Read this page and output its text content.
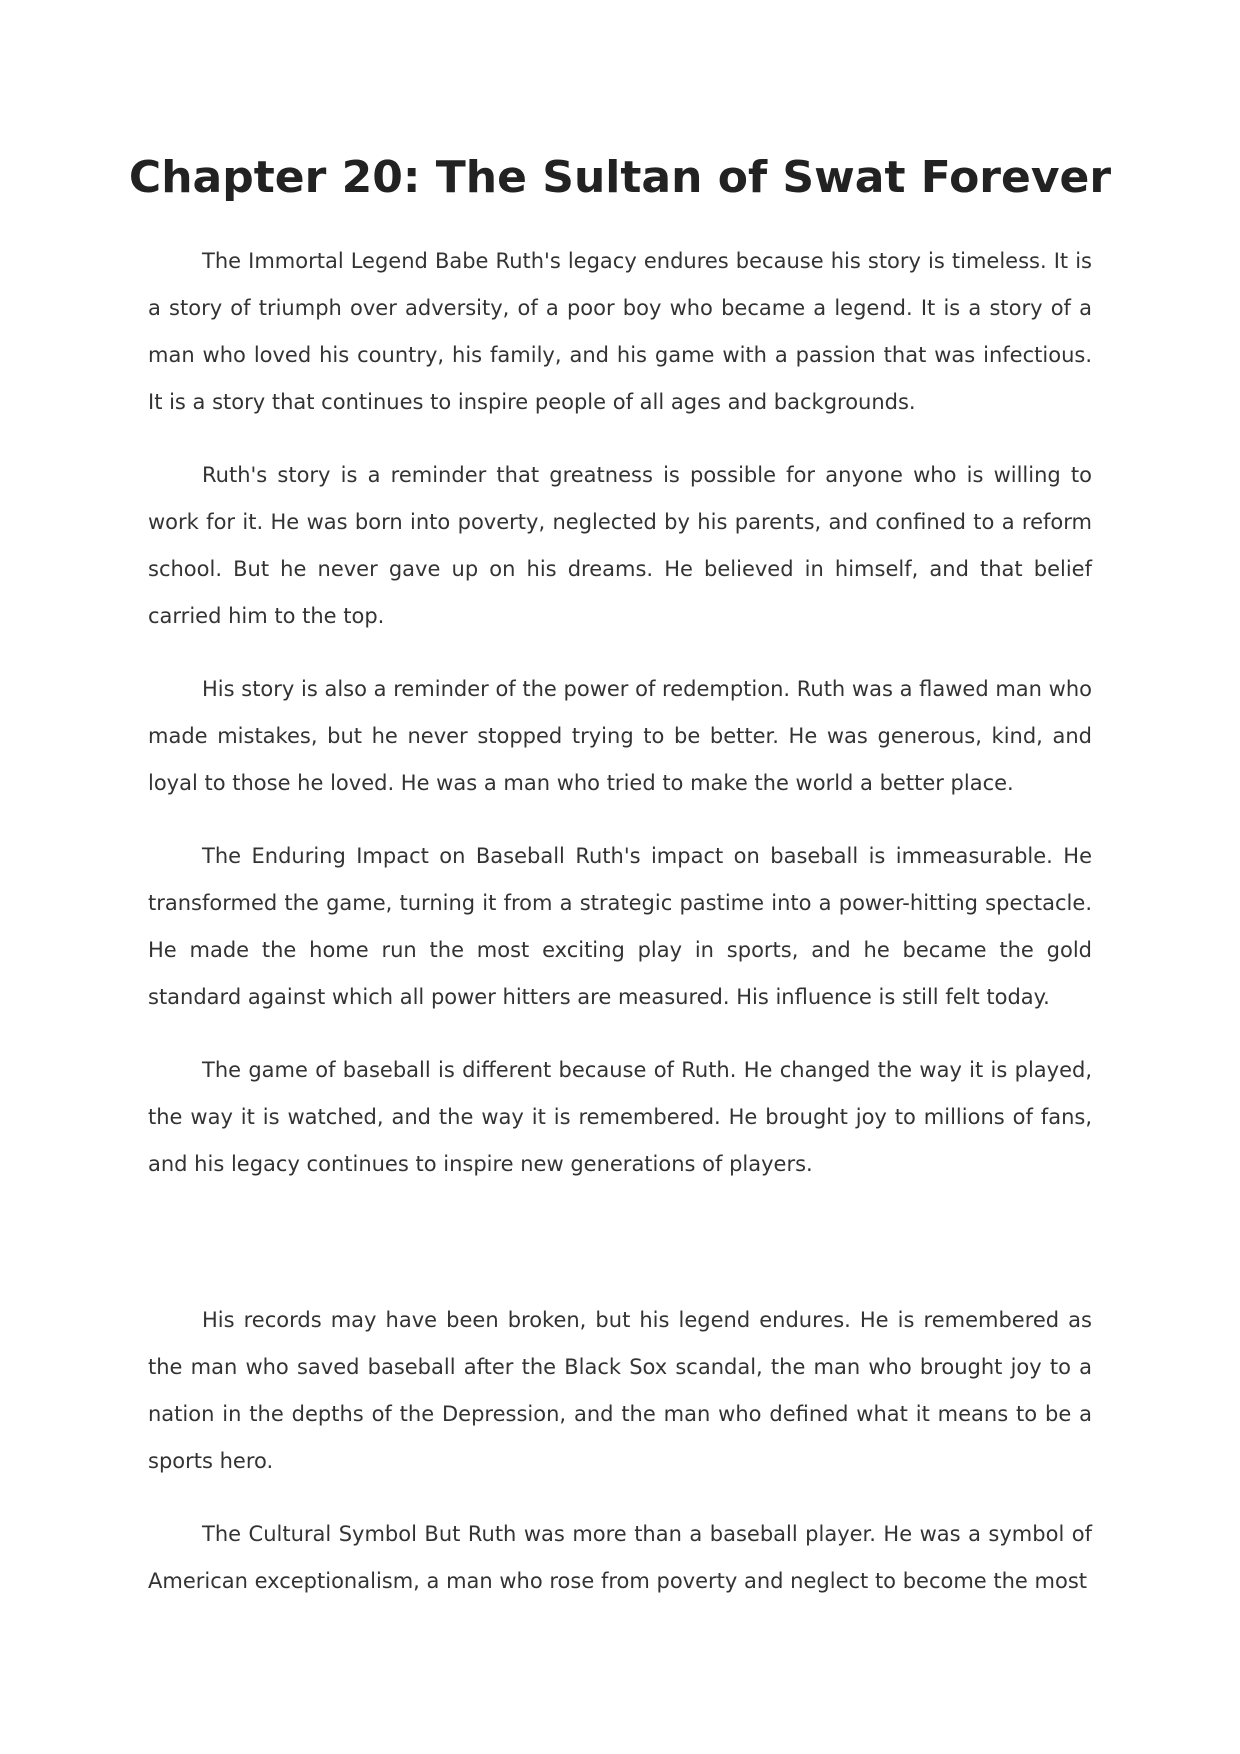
Chapter 20: The Sultan of Swat Forever

The Immortal Legend Babe Ruth's legacy endures because his story is timeless. It is a story of triumph over adversity, of a poor boy who became a legend. It is a story of a man who loved his country, his family, and his game with a passion that was infectious. It is a story that continues to inspire people of all ages and backgrounds.

Ruth's story is a reminder that greatness is possible for anyone who is willing to work for it. He was born into poverty, neglected by his parents, and confined to a reform school. But he never gave up on his dreams. He believed in himself, and that belief carried him to the top.

His story is also a reminder of the power of redemption. Ruth was a flawed man who made mistakes, but he never stopped trying to be better. He was generous, kind, and loyal to those he loved. He was a man who tried to make the world a better place.

The Enduring Impact on Baseball Ruth's impact on baseball is immeasurable. He transformed the game, turning it from a strategic pastime into a power-hitting spectacle. He made the home run the most exciting play in sports, and he became the gold standard against which all power hitters are measured. His influence is still felt today.

The game of baseball is different because of Ruth. He changed the way it is played, the way it is watched, and the way it is remembered. He brought joy to millions of fans, and his legacy continues to inspire new generations of players.

His records may have been broken, but his legend endures. He is remembered as the man who saved baseball after the Black Sox scandal, the man who brought joy to a nation in the depths of the Depression, and the man who defined what it means to be a sports hero.

The Cultural Symbol But Ruth was more than a baseball player. He was a symbol of American exceptionalism, a man who rose from poverty and neglect to become the most
